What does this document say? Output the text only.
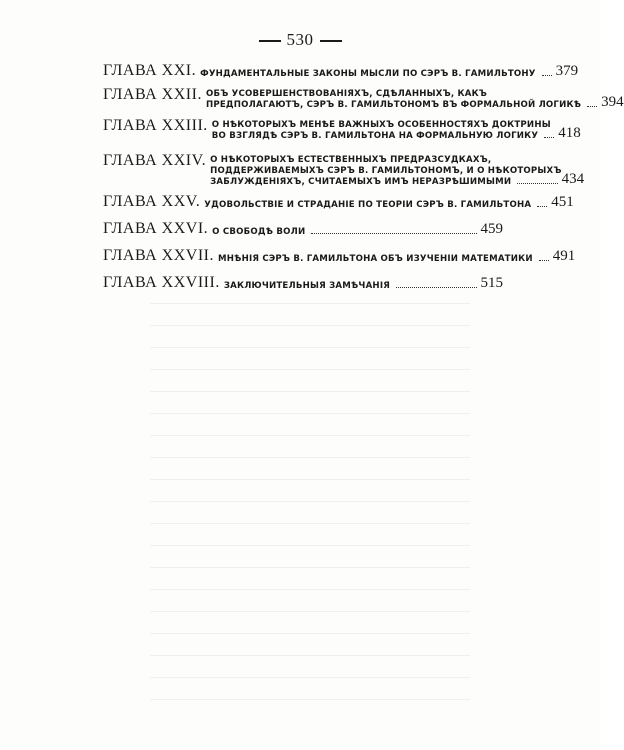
530
ГЛАВА XXI. ФУНДАМЕНТАЛЬНЫЕ ЗАКОНЫ МЫСЛИ ПО СЭРЪ В. ГАМИЛЬТОНУ 379
ГЛАВА XXII. ОБЪ УСОВЕРШЕНСТВОВАНІЯХЪ, СДѢЛАННЫХЪ, КАКЪ
ПРЕДПОЛАГАЮТЪ, СЭРЪ В. ГАМИЛЬТОНОМЪ ВЪ ФОРМАЛЬНОЙ ЛОГИКѢ 394
ГЛАВА XXIII. О НѢКОТОРЫХЪ МЕНѢЕ ВАЖНЫХЪ ОСОБЕННОСТЯХЪ ДОКТРИНЫ
ВО ВЗГЛЯДѢ СЭРЪ В. ГАМИЛЬТОНА НА ФОРМАЛЬНУЮ ЛОГИКУ 418
ГЛАВА XXIV. О НѢКОТОРЫХЪ ЕСТЕСТВЕННЫХЪ ПРЕДРАЗСУДКАХЪ,
ПОДДЕРЖИВАЕМЫХЪ СЭРЪ В. ГАМИЛЬТОНОМЪ, И О НѢКОТОРЫХЪ
ЗАБЛУЖДЕНІЯХЪ, СЧИТАЕМЫХЪ ИМЪ НЕРАЗРѢШИМЫМИ	434
ГЛАВА XXV. УДОВОЛЬСТВІЕ И СТРАДАНІЕ ПО ТЕОРІИ СЭРЪ В. ГАМИЛЬТОНА 451
ГЛАВА XXVI. О СВОБОДѢ ВОЛИ	459
ГЛАВА XXVII. МНѢНІЯ СЭРЪ В. ГАМИЛЬТОНА ОБЪ ИЗУЧЕНІИ МАТЕМАТИКИ 491
ГЛАВА XXVIII. ЗАКЛЮЧИТЕЛЬНЫЯ ЗАМѢЧАНІЯ	515
